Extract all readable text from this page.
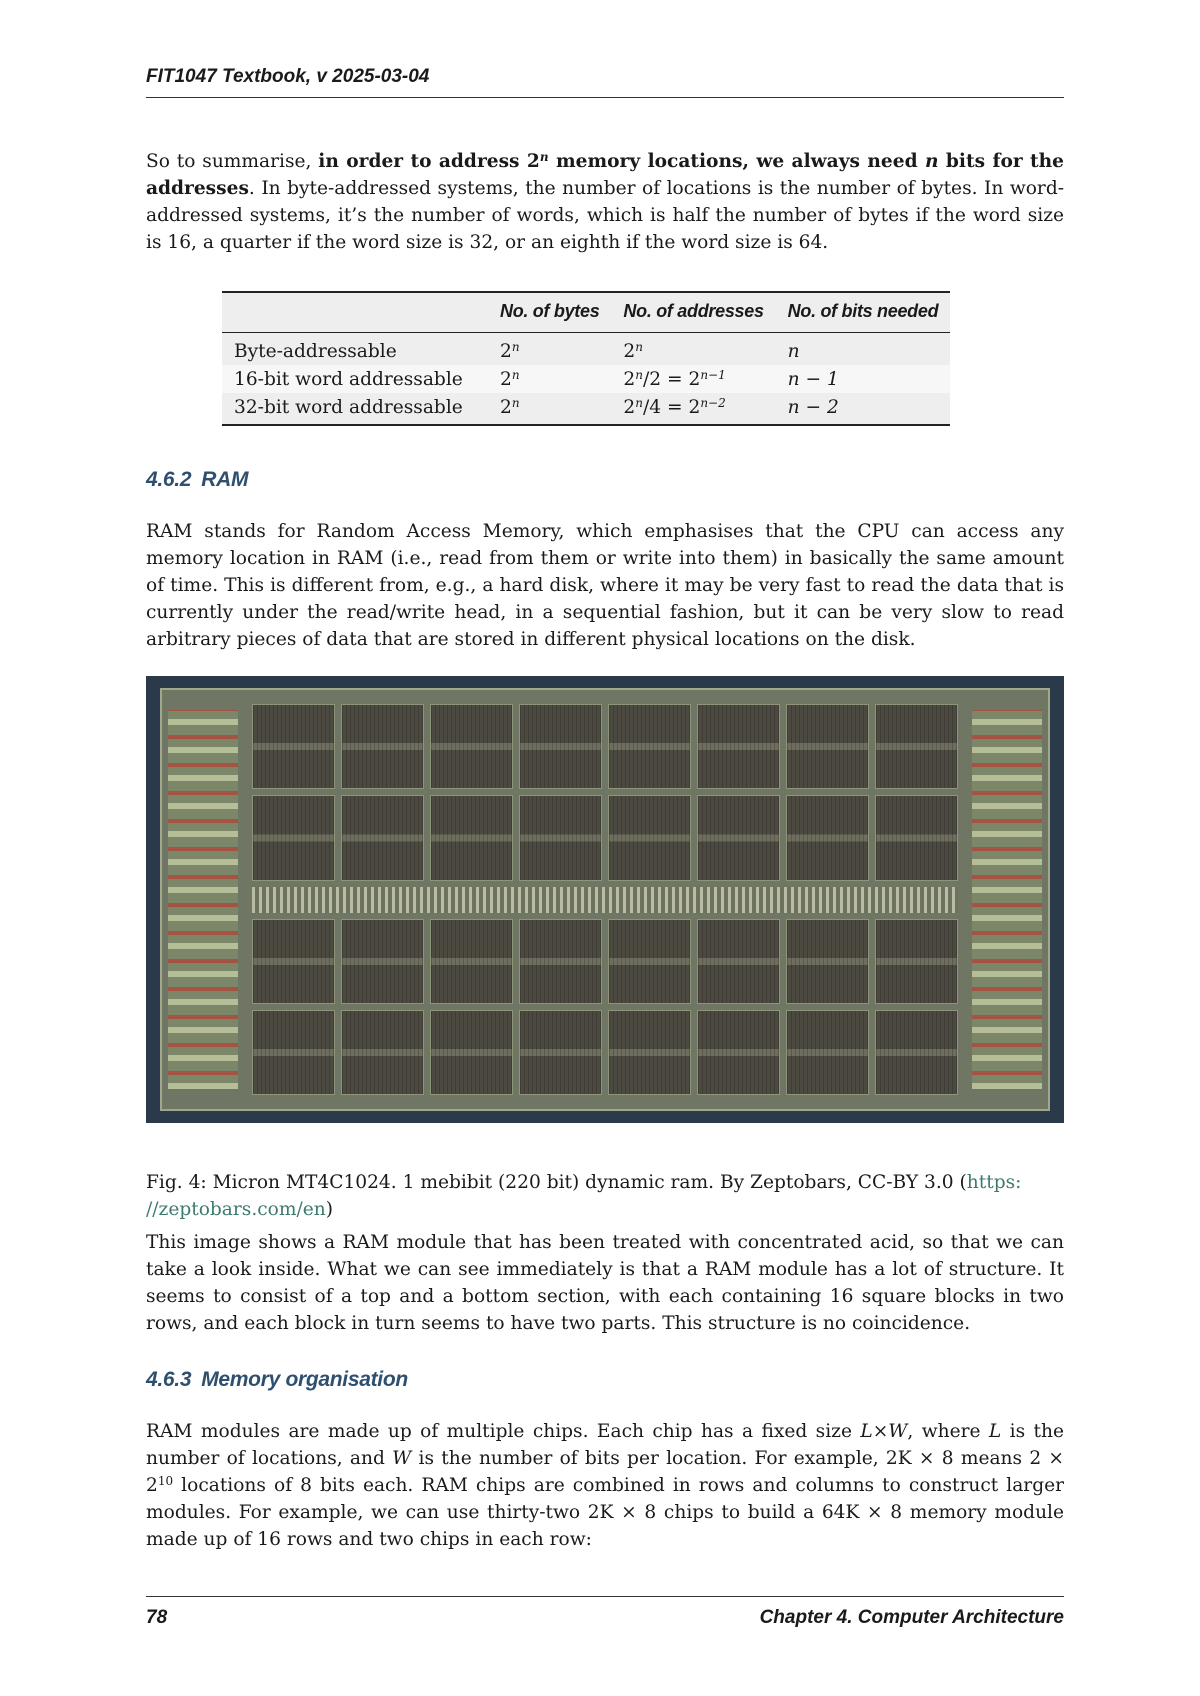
FIT1047 Textbook, v 2025-03-04

So to summarise, in order to address 2$^n$ memory locations, we always need n bits for the addresses. In byte-addressed systems, the number of locations is the number of bytes. In word-addressed systems, it’s the number of words, which is half the number of bytes if the word size is 16, a quarter if the word size is 32, or an eighth if the word size is 64.

	No. of bytes	No. of addresses	No. of bits needed
Byte-addressable	2$^n$	2$^n$	n
16-bit word addressable	2$^n$	$2^n/2 = 2^{n-1}$	n − 1
32-bit word addressable	2$^n$	$2^n/4 = 2^{n-2}$	n − 2
4.6.2 RAM

RAM stands for Random Access Memory, which emphasises that the CPU can access any memory location in RAM (i.e., read from them or write into them) in basically the same amount of time. This is different from, e.g., a hard disk, where it may be very fast to read the data that is currently under the read/write head, in a sequential fashion, but it can be very slow to read arbitrary pieces of data that are stored in different physical locations on the disk.

Fig. 4: Micron MT4C1024. 1 mebibit (220 bit) dynamic ram. By Zeptobars, CC-BY 3.0 (https:
//zeptobars.com/en)

This image shows a RAM module that has been treated with concentrated acid, so that we can take a look inside. What we can see immediately is that a RAM module has a lot of structure. It seems to consist of a top and a bottom section, with each containing 16 square blocks in two rows, and each block in turn seems to have two parts. This structure is no coincidence.

4.6.3 Memory organisation

RAM modules are made up of multiple chips. Each chip has a fixed size L×W, where L is the number of locations, and W is the number of bits per location. For example, 2K × 8 means $2 \times 2^{10}$ locations of 8 bits each. RAM chips are combined in rows and columns to construct larger modules. For example, we can use thirty-two 2K × 8 chips to build a 64K × 8 memory module made up of 16 rows and two chips in each row:

78	Chapter 4. Computer Architecture
